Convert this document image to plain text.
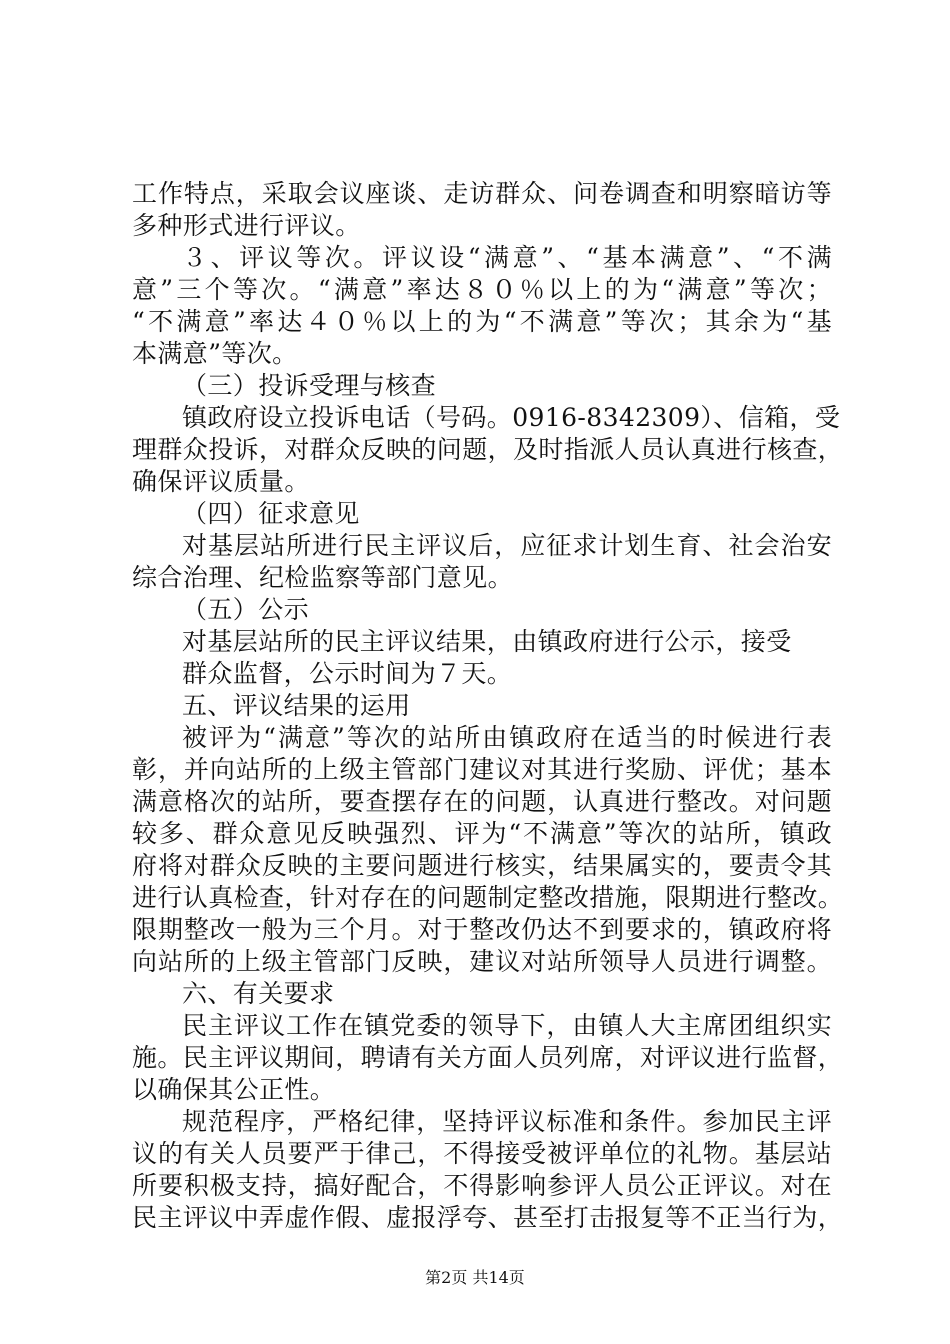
工作特点，采取会议座谈、走访群众、问卷调查和明察暗访等
多种形式进行评议。
３、评议等次。评议设“满意”、“基本满意”、“不满
意”三个等次。“满意”率达８０％以上的为“满意”等次；
“不满意”率达４０％以上的为“不满意”等次；其余为“基
本满意”等次。
（三）投诉受理与核查
镇政府设立投诉电话（号码。0916-8342309）、信箱，受
理群众投诉，对群众反映的问题，及时指派人员认真进行核查，
确保评议质量。
（四）征求意见
对基层站所进行民主评议后，应征求计划生育、社会治安
综合治理、纪检监察等部门意见。
（五）公示
对基层站所的民主评议结果，由镇政府进行公示，接受
群众监督，公示时间为７天。
五、评议结果的运用
被评为“满意”等次的站所由镇政府在适当的时候进行表
彰，并向站所的上级主管部门建议对其进行奖励、评优；基本
满意格次的站所，要查摆存在的问题，认真进行整改。对问题
较多、群众意见反映强烈、评为“不满意”等次的站所，镇政
府将对群众反映的主要问题进行核实，结果属实的，要责令其
进行认真检查，针对存在的问题制定整改措施，限期进行整改。
限期整改一般为三个月。对于整改仍达不到要求的，镇政府将
向站所的上级主管部门反映，建议对站所领导人员进行调整。
六、有关要求
民主评议工作在镇党委的领导下，由镇人大主席团组织实
施。民主评议期间，聘请有关方面人员列席，对评议进行监督，
以确保其公正性。
规范程序，严格纪律，坚持评议标准和条件。参加民主评
议的有关人员要严于律己，不得接受被评单位的礼物。基层站
所要积极支持，搞好配合，不得影响参评人员公正评议。对在
民主评议中弄虚作假、虚报浮夸、甚至打击报复等不正当行为，
第2页 共14页
